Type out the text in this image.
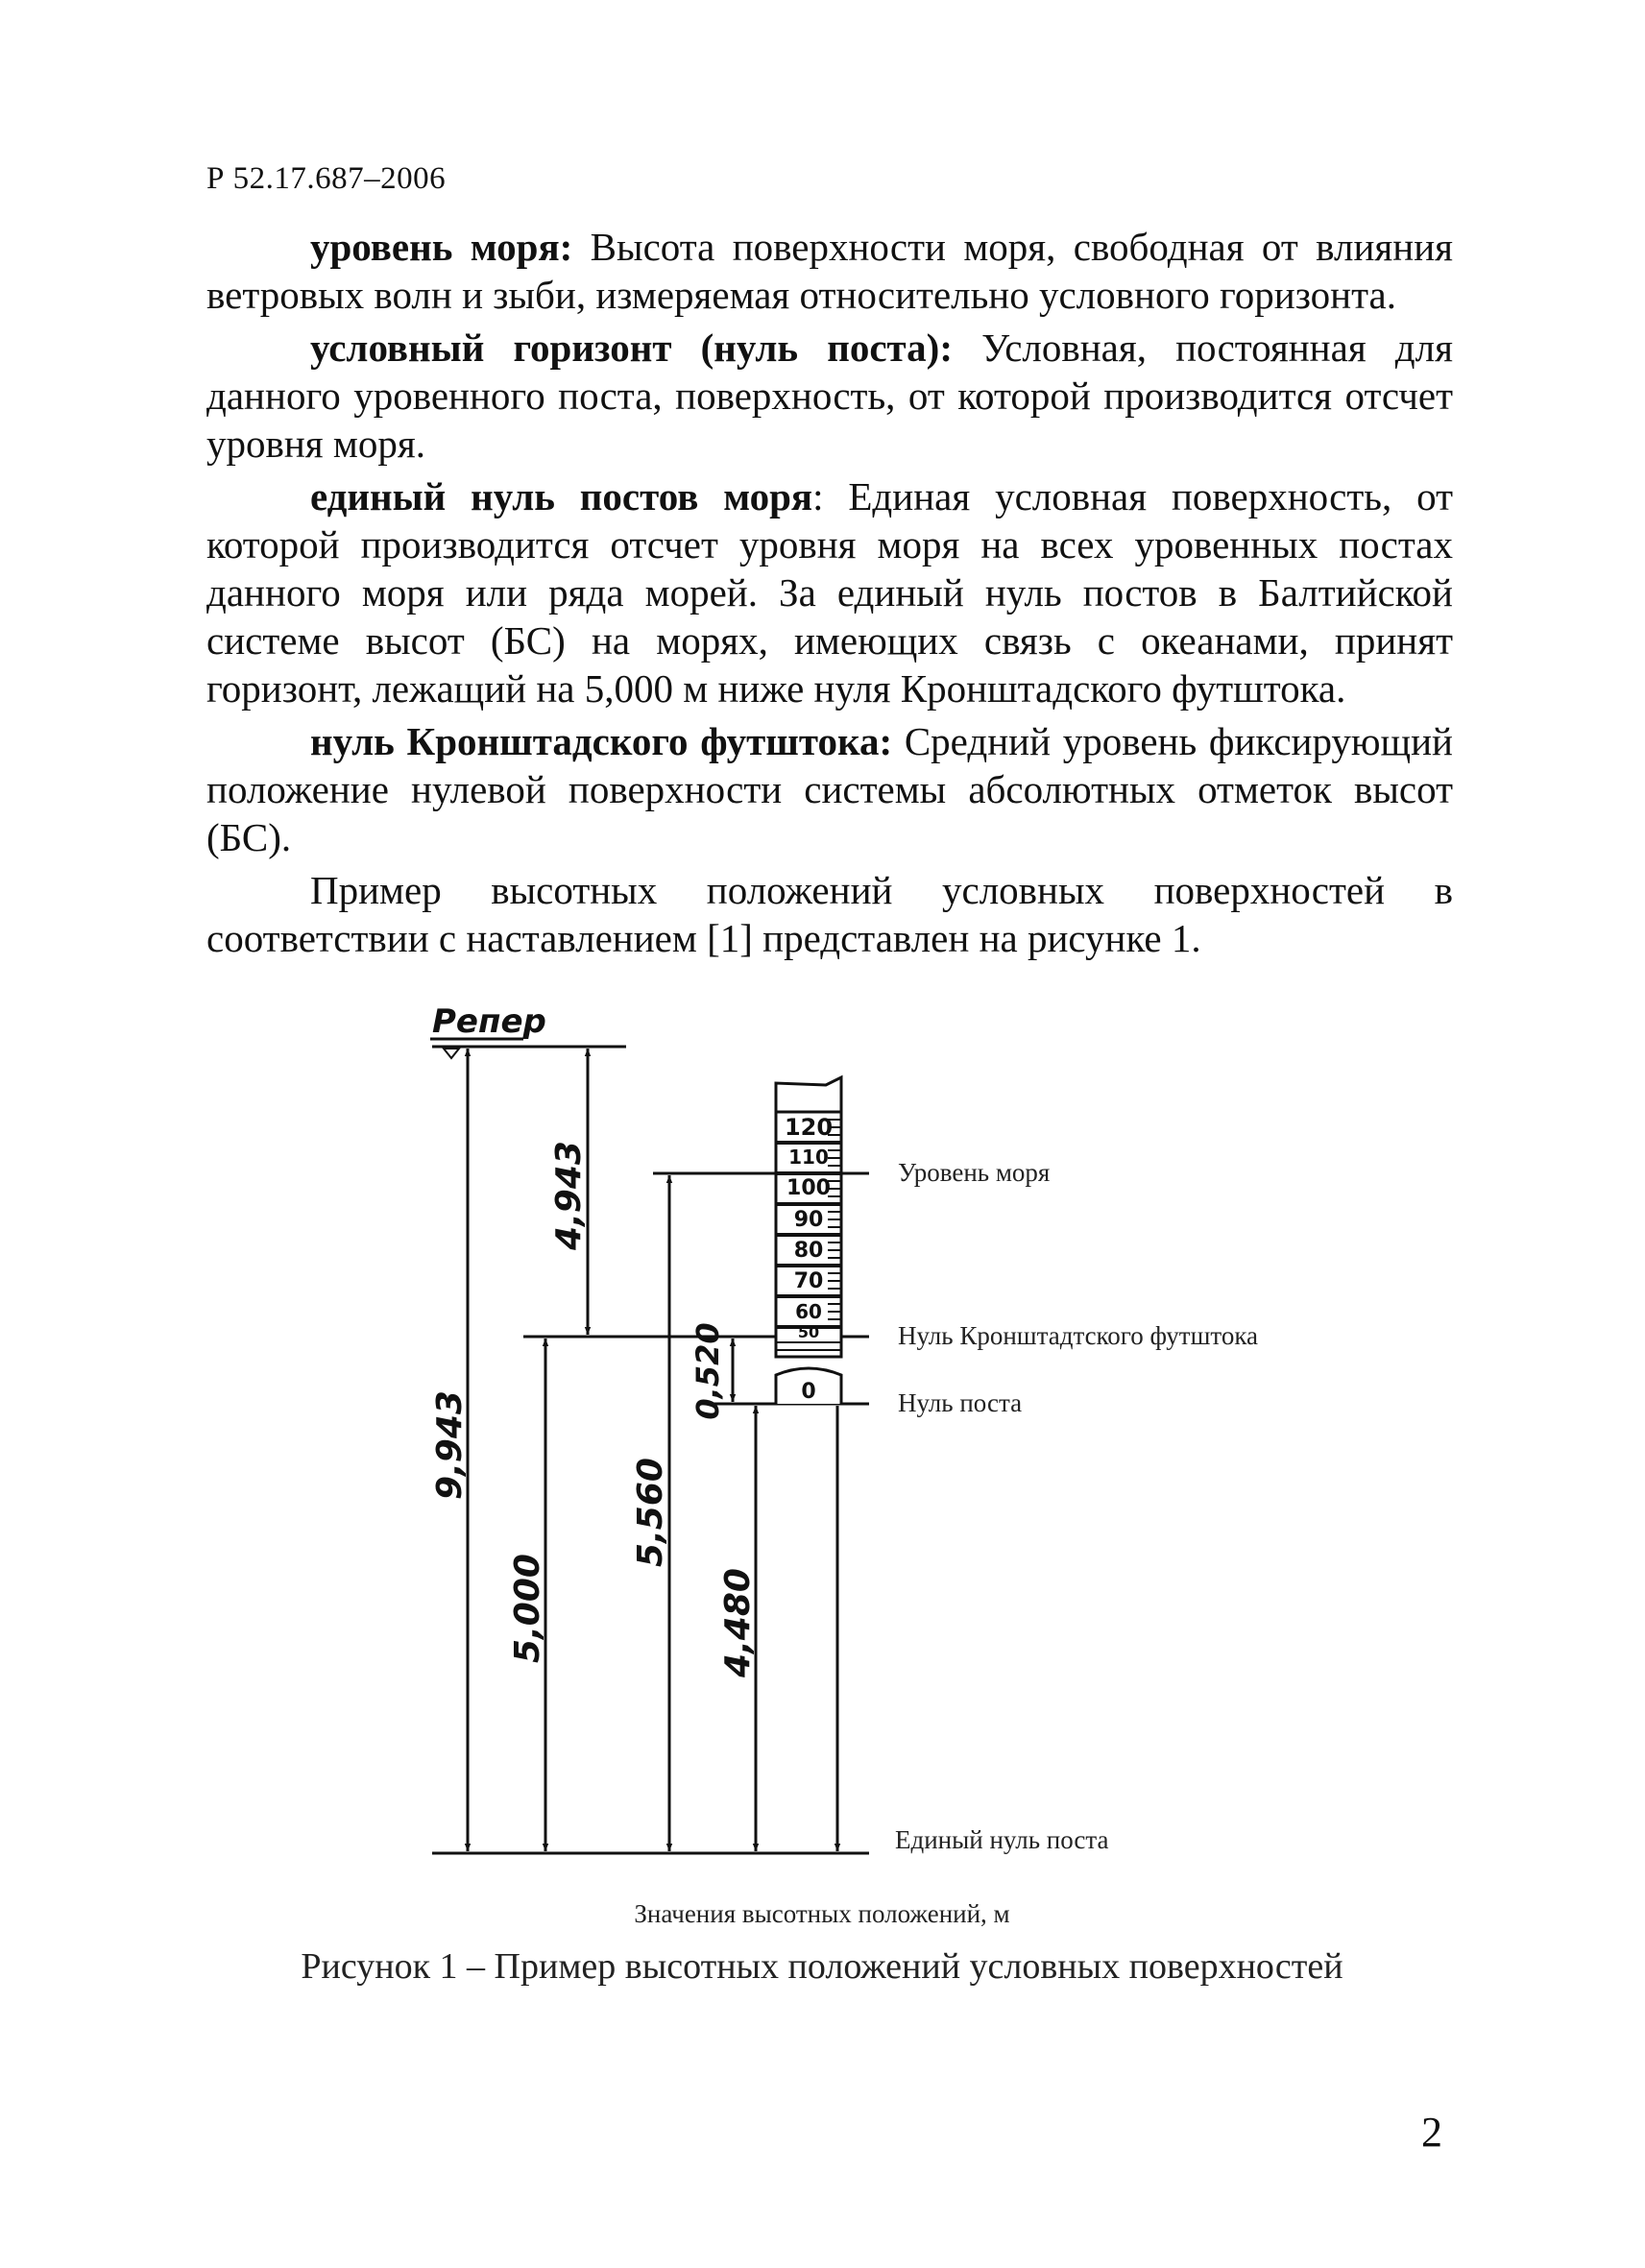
Р 52.17.687–2006

уровень моря: Высота поверхности моря, свободная от влияния ветровых волн и зыби, измеряемая относительно условного горизонта.

условный горизонт (нуль поста): Условная, постоянная для данного уровенного поста, поверхность, от которой производится отсчет уровня моря.

единый нуль постов моря: Единая условная поверхность, от которой производится отсчет уровня моря на всех уровенных постах данного моря или ряда морей. За единый нуль постов в Балтийской системе высот (БС) на морях, имеющих связь с океанами, принят горизонт, лежащий на 5,000 м ниже нуля Кронштадского футштока.

нуль Кронштадского футштока: Средний уровень фиксирующий положение нулевой поверхности системы абсолютных отметок высот (БС).

Пример высотных положений условных поверхностей в соответствии с наставлением [1] представлен на рисунке 1.

Репер
9,943
4,943
5,000
5,560
0,520
4,480
120
110
100
90
80
70
60
50
0
Уровень моря
Нуль Кронштадтского футштока
Нуль поста
Единый нуль поста
Значения высотных положений, м
Рисунок 1 – Пример высотных положений условных поверхностей
2
